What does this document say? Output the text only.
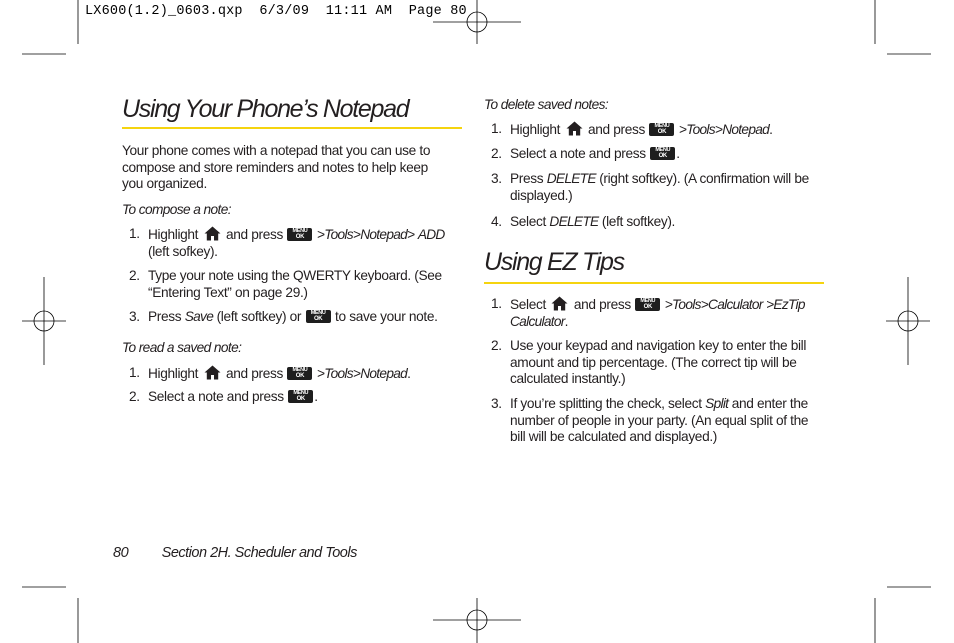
LX600(1.2)_0603.qxp  6/3/09  11:11 AM  Page 80
Using Your Phone’s Notepad
Your phone comes with a notepad that you can use to compose and store reminders and notes to help keep you organized.
To compose a note:
1. Highlight and press	MENU
OK >Tools>Notepad> ADD (left sofkey).
2. Type your note using the QWERTY keyboard. (See “Entering Text” on page 29.)
3. Press Save (left softkey) or	MENU
OK to save your note.
To read a saved note:
1. Highlight and press	MENU
OK >Tools>Notepad.
2. Select a note and press	MENU
OK .
To delete saved notes:
1. Highlight and press	MENU
OK >Tools>Notepad.
2. Select a note and press	MENU
OK .
3. Press DELETE (right softkey). (A confirmation will be displayed.)
4. Select DELETE (left softkey).
Using EZ Tips
1. Select and press	MENU
OK >Tools>Calculator >EzTip Calculator.
2. Use your keypad and navigation key to enter the bill amount and tip percentage. (The correct tip will be calculated instantly.)
3. If you’re splitting the check, select Split and enter the number of people in your party. (An equal split of the bill will be calculated and displayed.)
80 Section 2H. Scheduler and Tools
